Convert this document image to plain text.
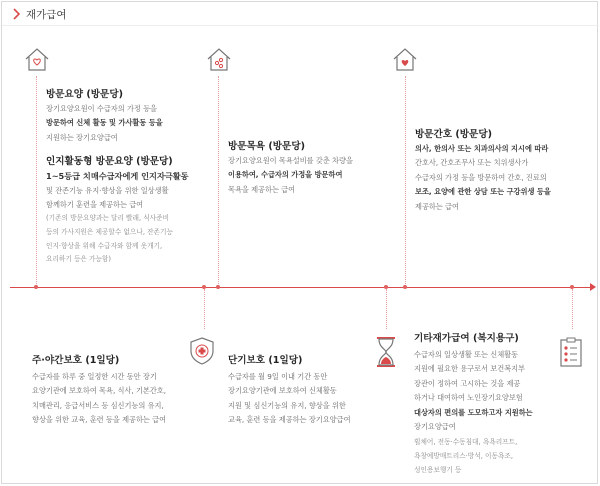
재가급여
방문요양 (방문당)

장기요양요원이 수급자의 가정 등을
방문하여 신체 활동 및 가사활동 등을
지원하는 장기요양급여

인지활동형 방문요양 (방문당)

1~5등급 치매수급자에게 인지자극활동
및 잔존기능 유지·향상을 위한 일상생활
함께하기 훈련을 제공하는 급여

(기존의 방문요양과는 달리 빨래, 식사준비
등의 가사지원은 제공할수 없으나, 잔존기능
인지·향상을 위해 수급자와 함께 옷개기,
요리하기 등은 가능함)

방문목욕 (방문당)

장기요양요원이 목욕설비를 갖춘 차량을
이용하여, 수급자의 가정을 방문하여
목욕을 제공하는 급여

방문간호 (방문당)

의사, 한의사 또는 치과의사의 지시에 따라
간호사, 간호조무사 또는 치위생사가
수급자의 가정 등을 방문하여 간호, 진료의
보조, 요양에 관한 상담 또는 구강위생 등을
제공하는 급여

주·야간보호 (1일당)

수급자를 하루 중 일정한 시간 동안 장기
요양기관에 보호하여 목욕, 식사, 기본간호,
치매관리, 응급서비스 등 심신기능의 유지,
향상을 위한 교육, 훈련 등을 제공하는 급여

단기보호 (1일당)

수급자를 월 9일 이내 기간 동안
장기요양기관에 보호하여 신체활동
지원 및 심신기능의 유지, 향상을 위한
교육, 훈련 등을 제공하는 장기요양급여

기타재가급여 (복지용구)

수급자의 일상생활 또는 신체활동
지원에 필요한 용구로서 보건복지부
장관이 정하여 고시하는 것을 제공
하거나 대여하여 노인장기요양보험
대상자의 편의를 도모하고자 지원하는
장기요양급여

휠체어, 전동·수동침대, 욕욕리프트,
욕창예방매트리스·방석, 이동욕조,
성인용보행기 등
